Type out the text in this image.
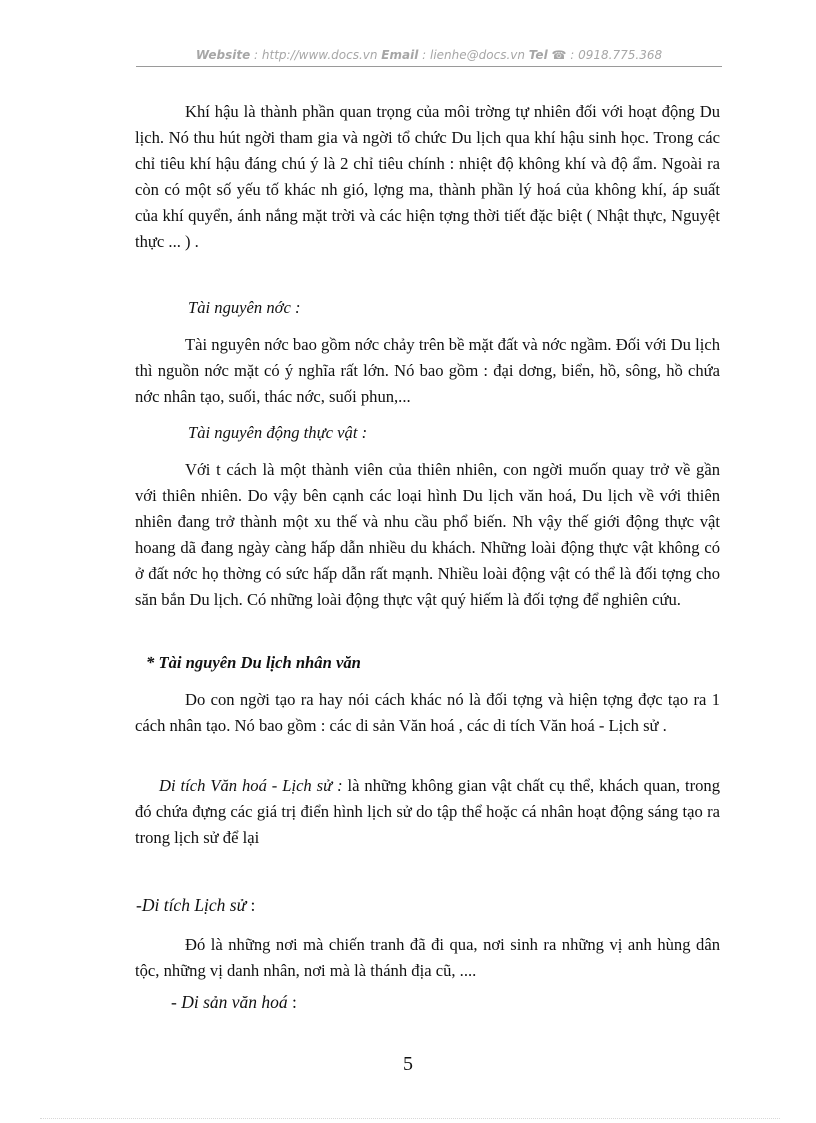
Website : http://www.docs.vn Email : lienhe@docs.vn Tel ☎ : 0918.775.368
Khí hậu là thành phần quan trọng của môi trờng tự nhiên đối với hoạt động Du lịch. Nó thu hút ngời tham gia và ngời tổ chức Du lịch qua khí hậu sinh học. Trong các chỉ tiêu khí hậu đáng chú ý là 2 chỉ tiêu chính : nhiệt độ không khí và độ ẩm. Ngoài ra còn có một số yếu tố khác nh gió, lợng ma, thành phần lý hoá của không khí, áp suất của khí quyển, ánh nắng mặt trời và các hiện tợng thời tiết đặc biệt ( Nhật thực, Nguyệt thực ... ) .
Tài nguyên nớc :
Tài nguyên nớc bao gồm nớc chảy trên bề mặt đất và nớc ngầm. Đối với Du lịch thì nguồn nớc mặt có ý nghĩa rất lớn. Nó bao gồm : đại dơng, biển, hồ, sông, hồ chứa nớc nhân tạo, suối, thác nớc, suối phun,...
Tài nguyên động thực vật :
Với t cách là một thành viên của thiên nhiên, con ngời muốn quay trở về gần với thiên nhiên. Do vậy bên cạnh các loại hình Du lịch văn hoá, Du lịch về với thiên nhiên đang trở thành một xu thế và nhu cầu phổ biến. Nh vậy thế giới động thực vật hoang dã đang ngày càng hấp dẫn nhiều du khách. Những loài động thực vật không có ở đất nớc họ thờng có sức hấp dẫn rất mạnh. Nhiều loài động vật có thể là đối tợng cho săn bắn Du lịch. Có những loài động thực vật quý hiếm là đối tợng để nghiên cứu.
* Tài nguyên Du lịch nhân văn
Do con ngời tạo ra hay nói cách khác nó là đối tợng và hiện tợng đợc tạo ra 1 cách nhân tạo. Nó bao gồm : các di sản Văn hoá , các di tích Văn hoá - Lịch sử .
Di tích Văn hoá - Lịch sử : là những không gian vật chất cụ thể, khách quan, trong đó chứa đựng các giá trị điển hình lịch sử do tập thể hoặc cá nhân hoạt động sáng tạo ra trong lịch sử để lại
-Di tích Lịch sử :
Đó là những nơi mà chiến tranh đã đi qua, nơi sinh ra những vị anh hùng dân tộc, những vị danh nhân, nơi mà là thánh địa cũ, ....
- Di sản văn hoá :
5
